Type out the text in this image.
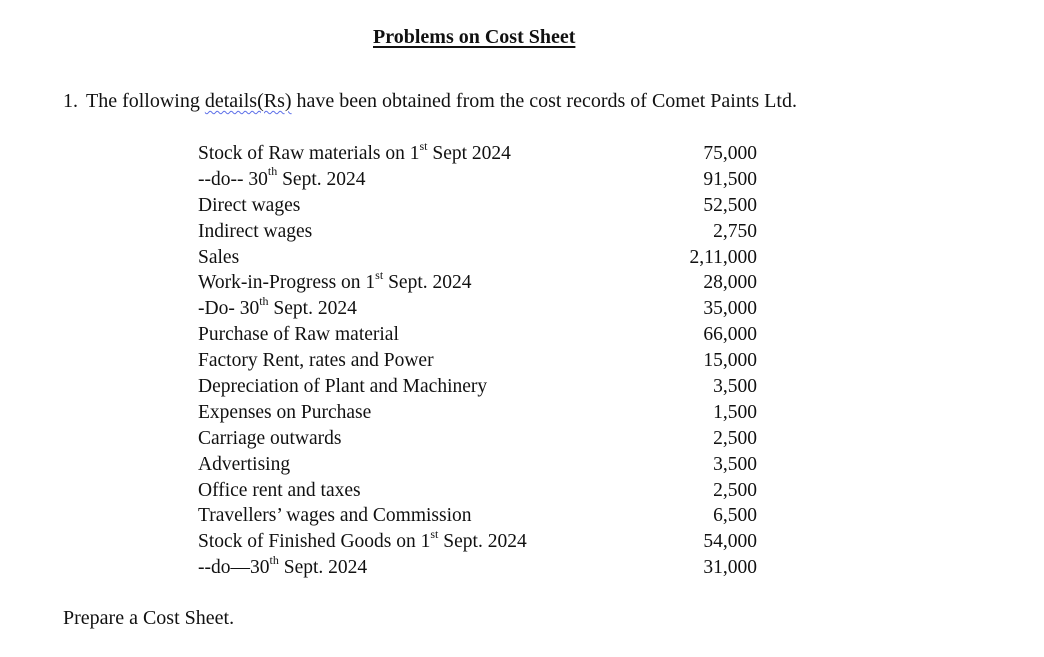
Problems on Cost Sheet
1. The following details(Rs) have been obtained from the cost records of Comet Paints Ltd.
Stock of Raw materials on 1st Sept 2024	75,000
--do-- 30th Sept. 2024	91,500
Direct wages	52,500
Indirect wages	2,750
Sales	2,11,000
Work-in-Progress on 1st Sept. 2024	28,000
-Do- 30th Sept. 2024	35,000
Purchase of Raw material	66,000
Factory Rent, rates and Power	15,000
Depreciation of Plant and Machinery	3,500
Expenses on Purchase	1,500
Carriage outwards	2,500
Advertising	3,500
Office rent and taxes	2,500
Travellers’ wages and Commission	6,500
Stock of Finished Goods on 1st Sept. 2024	54,000
--do—30th Sept. 2024	31,000
Prepare a Cost Sheet.
